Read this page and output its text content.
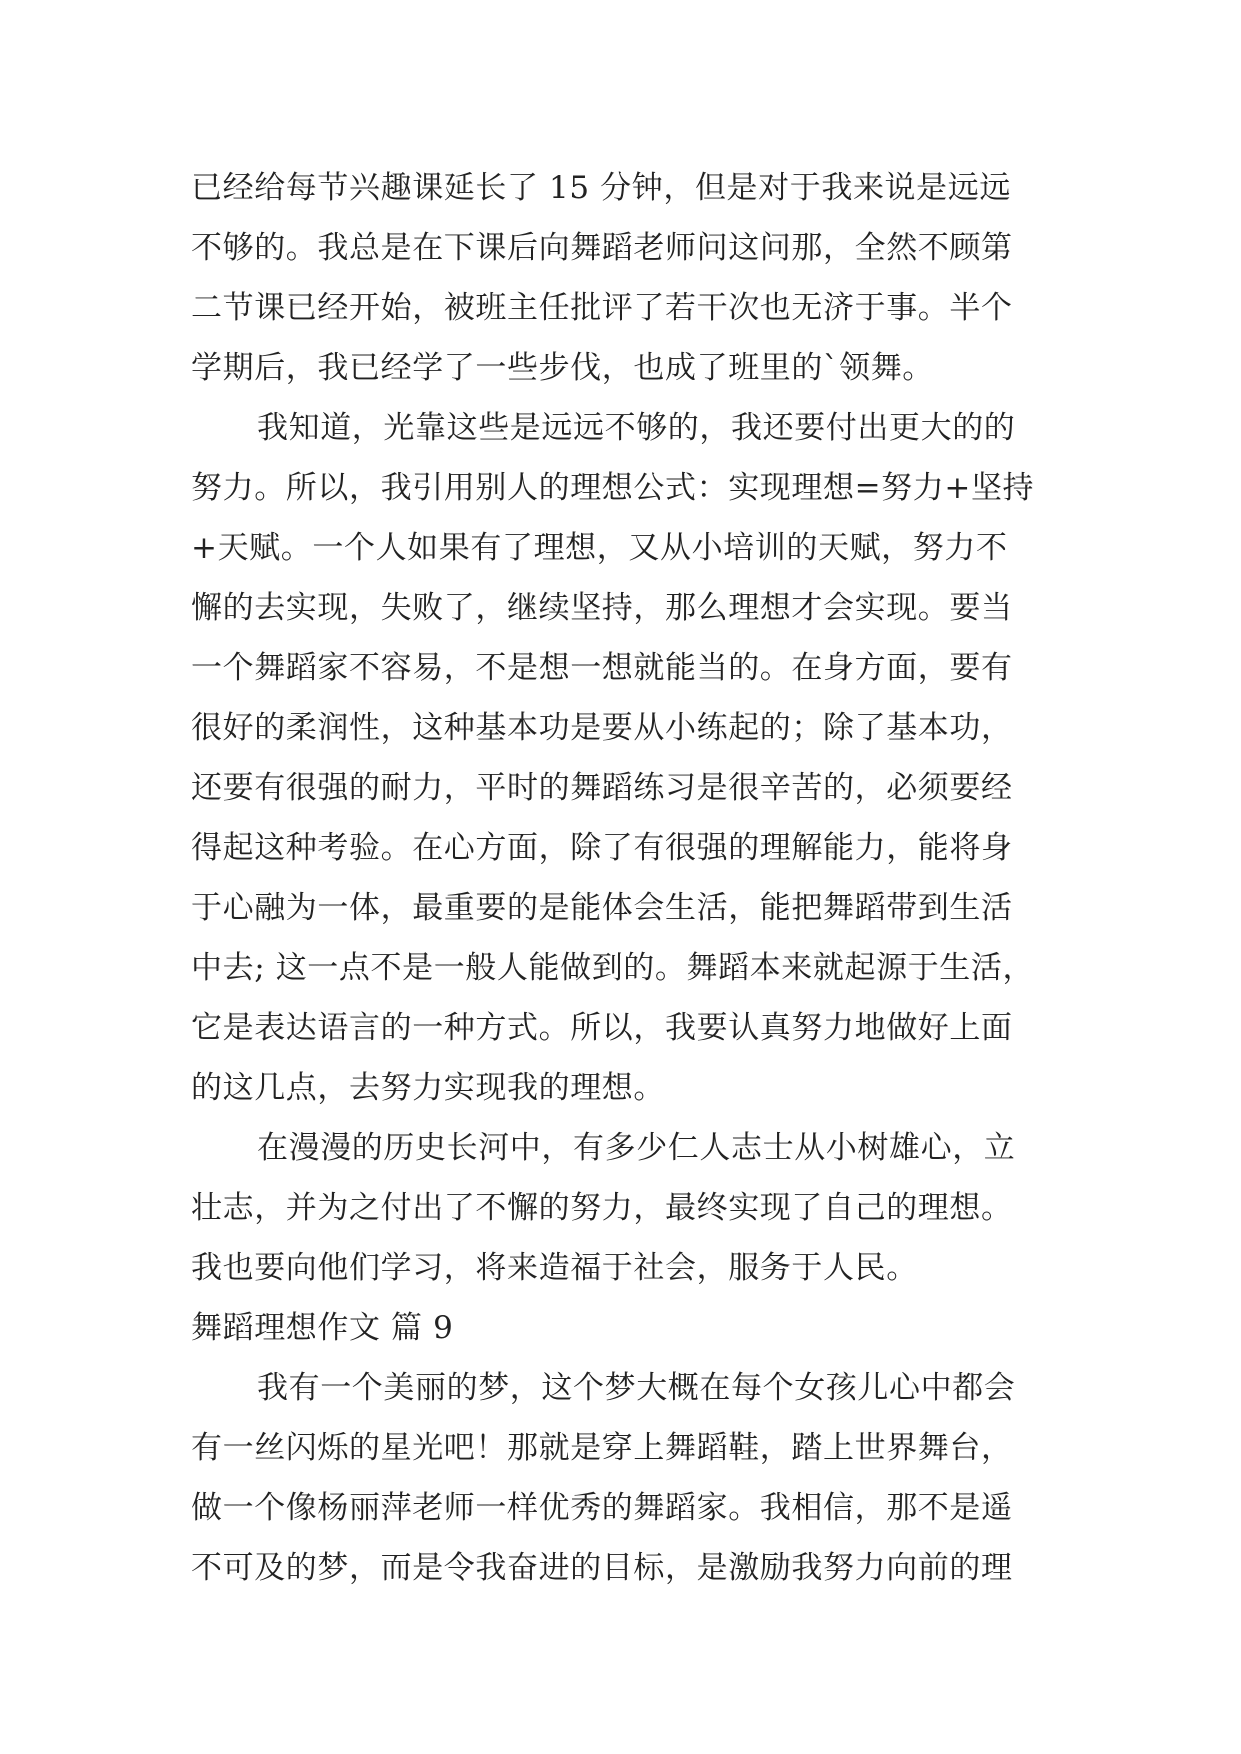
已经给每节兴趣课延长了 15 分钟，但是对于我来说是远远
不够的。我总是在下课后向舞蹈老师问这问那，全然不顾第
二节课已经开始，被班主任批评了若干次也无济于事。半个
学期后，我已经学了一些步伐，也成了班里的`领舞。
我知道，光靠这些是远远不够的，我还要付出更大的的
努力。所以，我引用别人的理想公式：实现理想=努力+坚持
+天赋。一个人如果有了理想，又从小培训的天赋，努力不
懈的去实现，失败了，继续坚持，那么理想才会实现。要当
一个舞蹈家不容易，不是想一想就能当的。在身方面，要有
很好的柔润性，这种基本功是要从小练起的；除了基本功，
还要有很强的耐力，平时的舞蹈练习是很辛苦的，必须要经
得起这种考验。在心方面，除了有很强的理解能力，能将身
于心融为一体，最重要的是能体会生活，能把舞蹈带到生活
中去; 这一点不是一般人能做到的。舞蹈本来就起源于生活，
它是表达语言的一种方式。所以，我要认真努力地做好上面
的这几点，去努力实现我的理想。
在漫漫的历史长河中，有多少仁人志士从小树雄心，立
壮志，并为之付出了不懈的努力，最终实现了自己的理想。
我也要向他们学习，将来造福于社会，服务于人民。
舞蹈理想作文 篇 9
我有一个美丽的梦，这个梦大概在每个女孩儿心中都会
有一丝闪烁的星光吧！那就是穿上舞蹈鞋，踏上世界舞台，
做一个像杨丽萍老师一样优秀的舞蹈家。我相信，那不是遥
不可及的梦，而是令我奋进的目标，是激励我努力向前的理
